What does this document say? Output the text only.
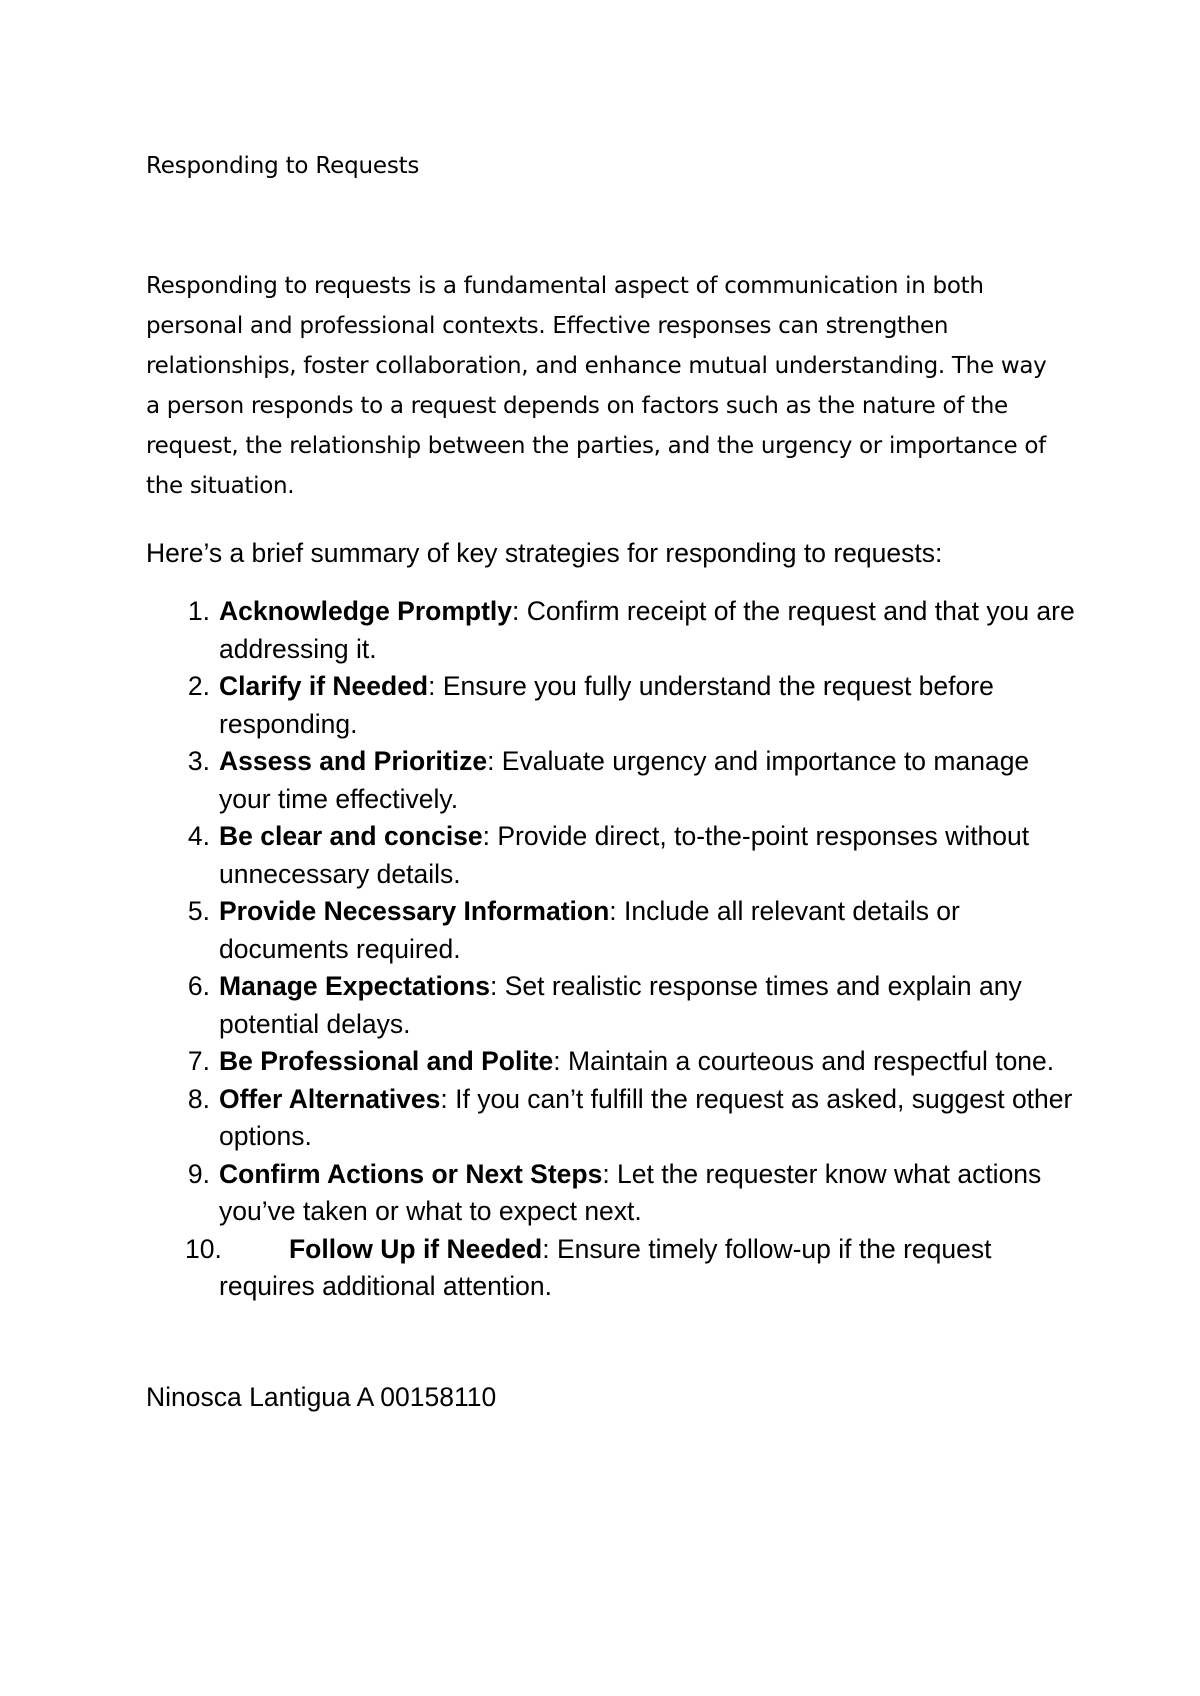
Responding to Requests

Responding to requests is a fundamental aspect of communication in both personal and professional contexts. Effective responses can strengthen relationships, foster collaboration, and enhance mutual understanding. The way a person responds to a request depends on factors such as the nature of the request, the relationship between the parties, and the urgency or importance of the situation.

Here’s a brief summary of key strategies for responding to requests:

1. Acknowledge Promptly: Confirm receipt of the request and that you are addressing it.
2. Clarify if Needed: Ensure you fully understand the request before responding.
3. Assess and Prioritize: Evaluate urgency and importance to manage your time effectively.
4. Be clear and concise: Provide direct, to-the-point responses without unnecessary details.
5. Provide Necessary Information: Include all relevant details or documents required.
6. Manage Expectations: Set realistic response times and explain any potential delays.
7. Be Professional and Polite: Maintain a courteous and respectful tone.
8. Offer Alternatives: If you can’t fulfill the request as asked, suggest other options.
9. Confirm Actions or Next Steps: Let the requester know what actions you’ve taken or what to expect next.
10.	Follow Up if Needed: Ensure timely follow-up if the request requires additional attention.

Ninosca Lantigua A 00158110
